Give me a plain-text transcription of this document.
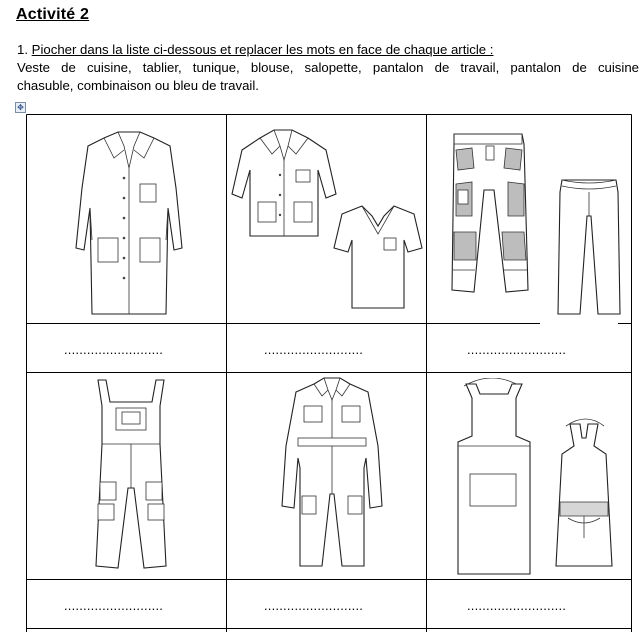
Activité 2
1. Piocher dans la liste ci-dessous et replacer les mots en face de chaque article :
Veste de cuisine, tablier, tunique, blouse, salopette, pantalon de travail, pantalon de cuisine
chasuble, combinaison ou bleu de travail.
✥
..........................	..........................	..........................
..........................	..........................	..........................
